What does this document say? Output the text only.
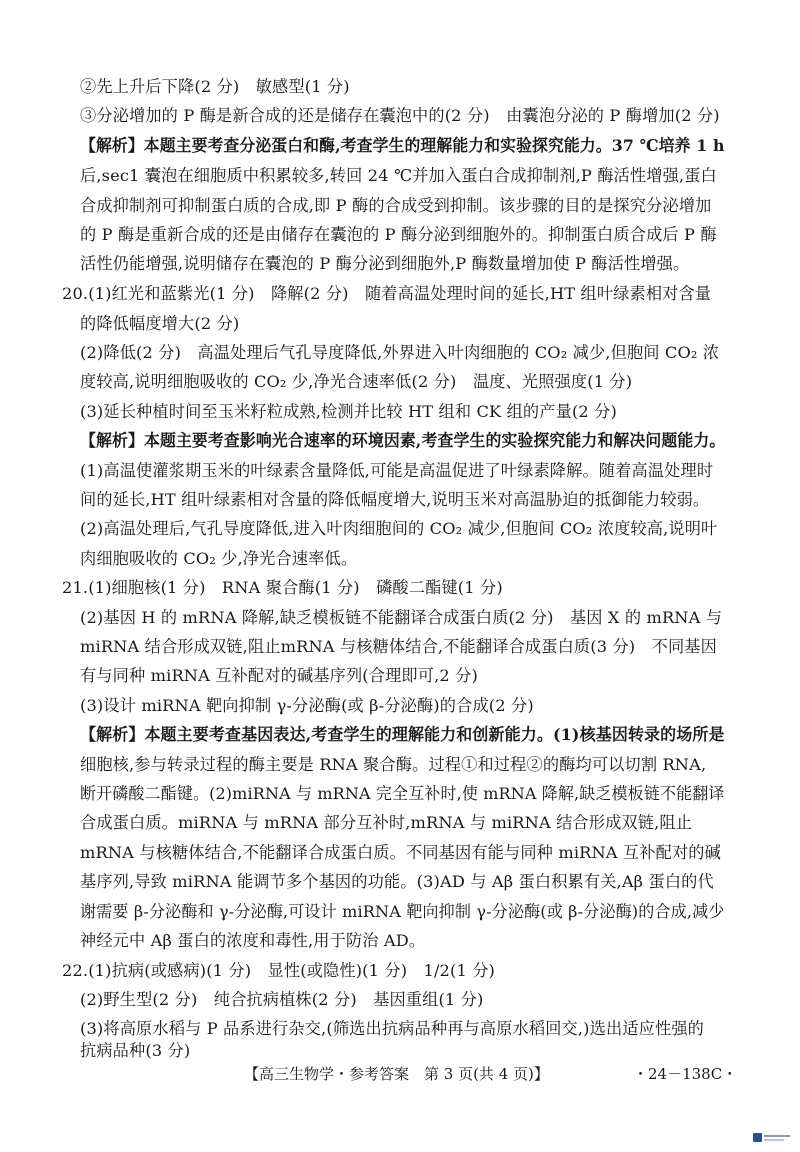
②先上升后下降(2 分)　敏感型(1 分)
③分泌增加的 P 酶是新合成的还是储存在囊泡中的(2 分)　由囊泡分泌的 P 酶增加(2 分)
【解析】本题主要考查分泌蛋白和酶,考查学生的理解能力和实验探究能力。37 ℃培养 1 h
后,sec1 囊泡在细胞质中积累较多,转回 24 ℃并加入蛋白合成抑制剂,P 酶活性增强,蛋白
合成抑制剂可抑制蛋白质的合成,即 P 酶的合成受到抑制。该步骤的目的是探究分泌增加
的 P 酶是重新合成的还是由储存在囊泡的 P 酶分泌到细胞外的。抑制蛋白质合成后 P 酶
活性仍能增强,说明储存在囊泡的 P 酶分泌到细胞外,P 酶数量增加使 P 酶活性增强。
20.(1)红光和蓝紫光(1 分)　降解(2 分)　随着高温处理时间的延长,HT 组叶绿素相对含量
的降低幅度增大(2 分)
(2)降低(2 分)　高温处理后气孔导度降低,外界进入叶肉细胞的 CO₂ 减少,但胞间 CO₂ 浓
度较高,说明细胞吸收的 CO₂ 少,净光合速率低(2 分)　温度、光照强度(1 分)
(3)延长种植时间至玉米籽粒成熟,检测并比较 HT 组和 CK 组的产量(2 分)
【解析】本题主要考查影响光合速率的环境因素,考查学生的实验探究能力和解决问题能力。
(1)高温使灌浆期玉米的叶绿素含量降低,可能是高温促进了叶绿素降解。随着高温处理时
间的延长,HT 组叶绿素相对含量的降低幅度增大,说明玉米对高温胁迫的抵御能力较弱。
(2)高温处理后,气孔导度降低,进入叶肉细胞间的 CO₂ 减少,但胞间 CO₂ 浓度较高,说明叶
肉细胞吸收的 CO₂ 少,净光合速率低。
21.(1)细胞核(1 分)　RNA 聚合酶(1 分)　磷酸二酯键(1 分)
(2)基因 H 的 mRNA 降解,缺乏模板链不能翻译合成蛋白质(2 分)　基因 X 的 mRNA 与
miRNA 结合形成双链,阻止mRNA 与核糖体结合,不能翻译合成蛋白质(3 分)　不同基因
有与同种 miRNA 互补配对的碱基序列(合理即可,2 分)
(3)设计 miRNA 靶向抑制 γ-分泌酶(或 β-分泌酶)的合成(2 分)
【解析】本题主要考查基因表达,考查学生的理解能力和创新能力。(1)核基因转录的场所是
细胞核,参与转录过程的酶主要是 RNA 聚合酶。过程①和过程②的酶均可以切割 RNA,
断开磷酸二酯键。(2)miRNA 与 mRNA 完全互补时,使 mRNA 降解,缺乏模板链不能翻译
合成蛋白质。miRNA 与 mRNA 部分互补时,mRNA 与 miRNA 结合形成双链,阻止
mRNA 与核糖体结合,不能翻译合成蛋白质。不同基因有能与同种 miRNA 互补配对的碱
基序列,导致 miRNA 能调节多个基因的功能。(3)AD 与 Aβ 蛋白积累有关,Aβ 蛋白的代
谢需要 β-分泌酶和 γ-分泌酶,可设计 miRNA 靶向抑制 γ-分泌酶(或 β-分泌酶)的合成,减少
神经元中 Aβ 蛋白的浓度和毒性,用于防治 AD。
22.(1)抗病(或感病)(1 分)　显性(或隐性)(1 分)　1/2(1 分)
(2)野生型(2 分)　纯合抗病植株(2 分)　基因重组(1 分)
(3)将高原水稻与 P 品系进行杂交,(筛选出抗病品种再与高原水稻回交,)选出适应性强的
抗病品种(3 分)
【高三生物学・参考答案　第 3 页(共 4 页)】	・24－138C・
